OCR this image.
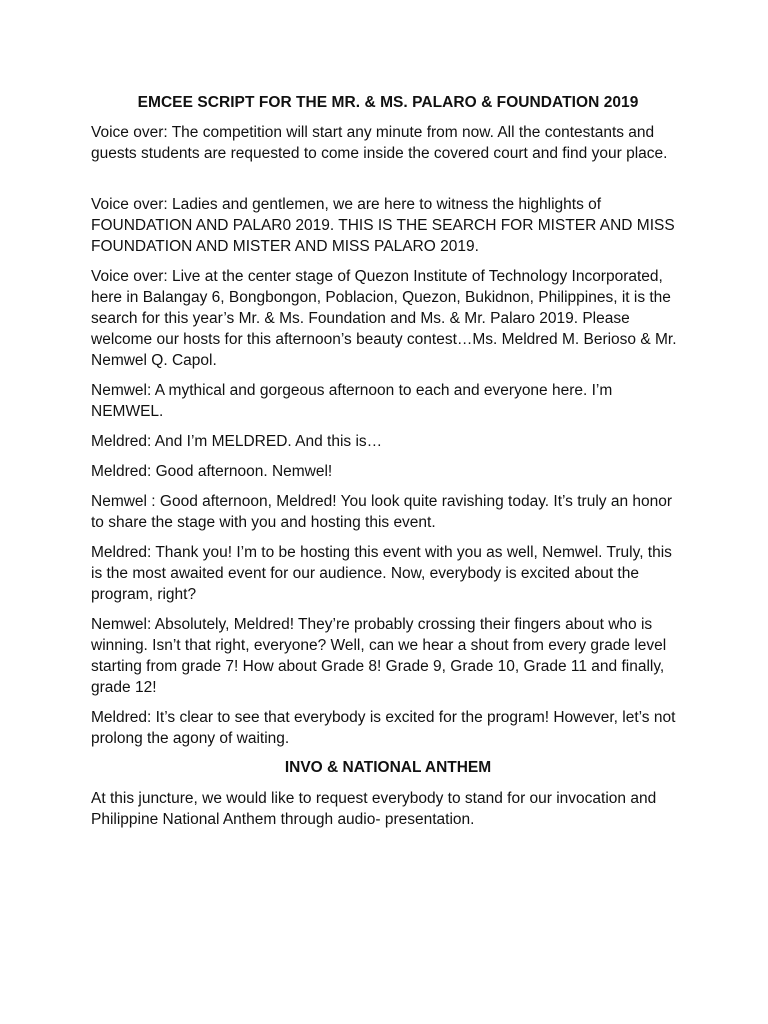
EMCEE SCRIPT FOR THE MR. & MS. PALARO & FOUNDATION 2019

Voice over: The competition will start any minute from now. All the contestants and guests students are requested to come inside the covered court and find your place.

Voice over: Ladies and gentlemen, we are here to witness the highlights of FOUNDATION AND PALAR0 2019. THIS IS THE SEARCH FOR MISTER AND MISS FOUNDATION AND MISTER AND MISS PALARO 2019.

Voice over: Live at the center stage of Quezon Institute of Technology Incorporated, here in Balangay 6, Bongbongon, Poblacion, Quezon, Bukidnon, Philippines, it is the search for this year’s Mr. & Ms. Foundation and Ms. & Mr. Palaro 2019. Please welcome our hosts for this afternoon’s beauty contest…Ms. Meldred M. Berioso & Mr. Nemwel Q. Capol.

Nemwel: A mythical and gorgeous afternoon to each and everyone here. I’m NEMWEL.

Meldred: And I’m MELDRED. And this is…

Meldred: Good afternoon. Nemwel!

Nemwel : Good afternoon, Meldred! You look quite ravishing today. It’s truly an honor to share the stage with you and hosting this event.

Meldred: Thank you! I’m to be hosting this event with you as well, Nemwel. Truly, this is the most awaited event for our audience. Now, everybody is excited about the program, right?

Nemwel: Absolutely, Meldred! They’re probably crossing their fingers about who is winning. Isn’t that right, everyone? Well, can we hear a shout from every grade level starting from grade 7! How about Grade 8! Grade 9, Grade 10, Grade 11 and finally, grade 12!

Meldred: It’s clear to see that everybody is excited for the program! However, let’s not prolong the agony of waiting.

INVO & NATIONAL ANTHEM

At this juncture, we would like to request everybody to stand for our invocation and Philippine National Anthem through audio- presentation.
